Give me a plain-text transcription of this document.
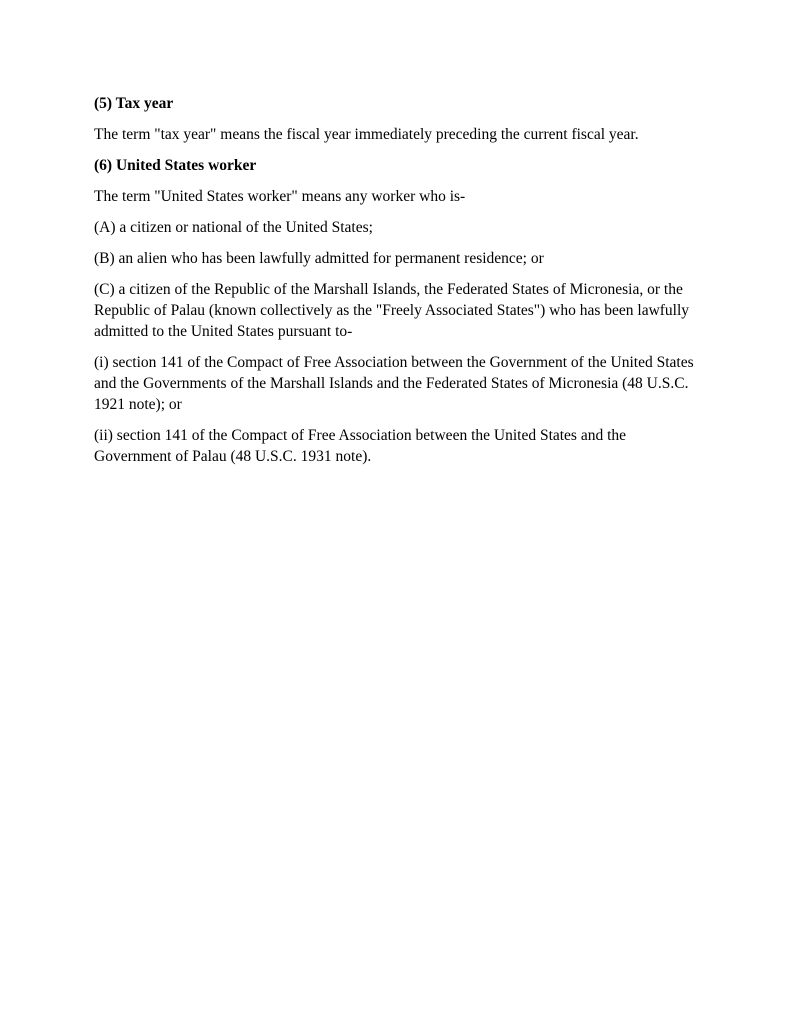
(5) Tax year

The term "tax year" means the fiscal year immediately preceding the current fiscal year.

(6) United States worker

The term "United States worker" means any worker who is-

(A) a citizen or national of the United States;

(B) an alien who has been lawfully admitted for permanent residence; or

(C) a citizen of the Republic of the Marshall Islands, the Federated States of Micronesia, or the Republic of Palau (known collectively as the "Freely Associated States") who has been lawfully admitted to the United States pursuant to-

(i) section 141 of the Compact of Free Association between the Government of the United States and the Governments of the Marshall Islands and the Federated States of Micronesia (48 U.S.C. 1921 note); or

(ii) section 141 of the Compact of Free Association between the United States and the Government of Palau (48 U.S.C. 1931 note).
